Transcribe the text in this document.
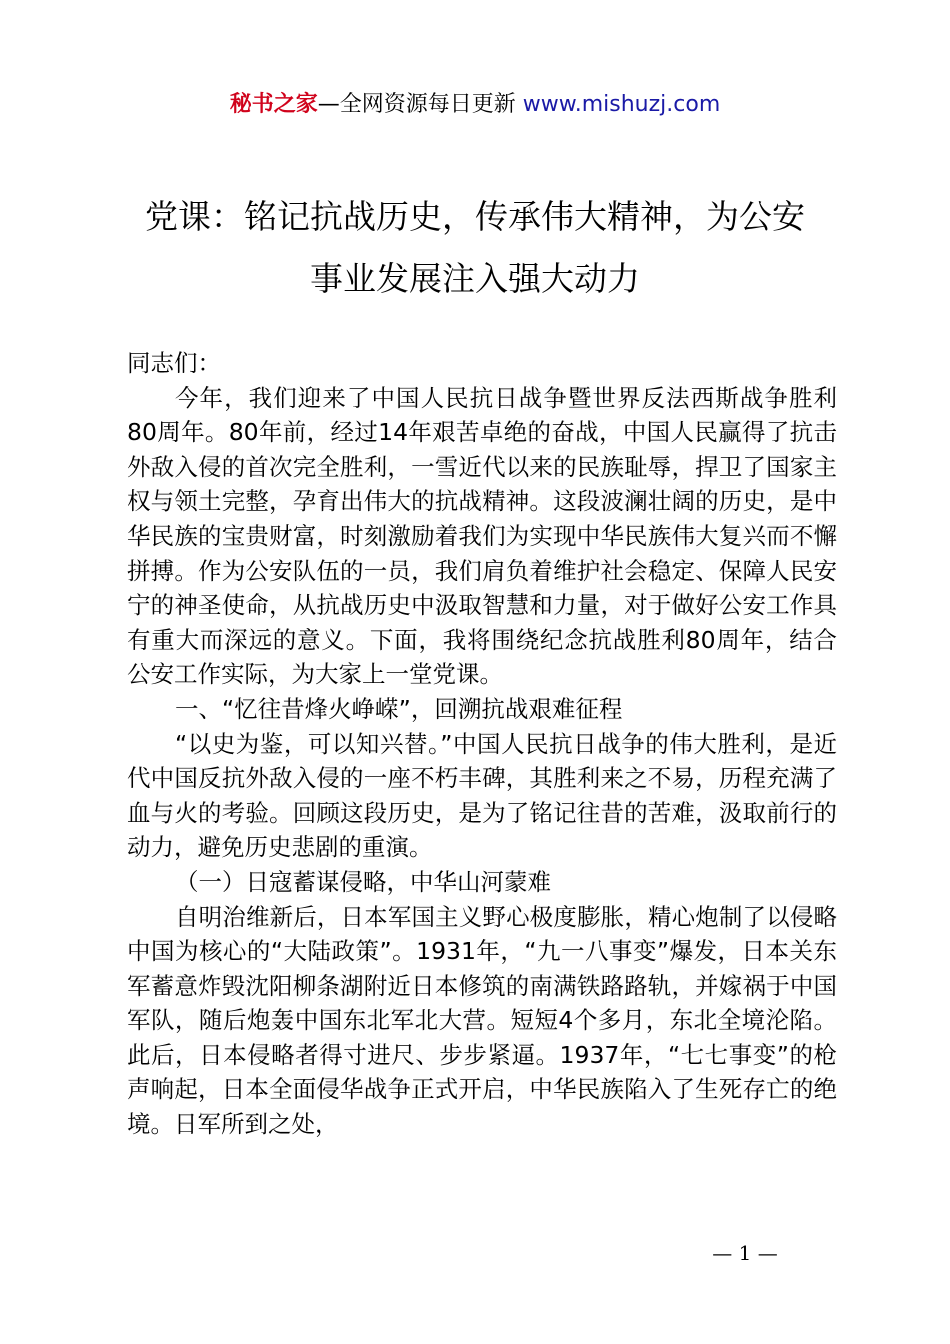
秘书之家—全网资源每日更新 www.mishuzj.com
党课：铭记抗战历史，传承伟大精神，为公安
事业发展注入强大动力

同志们：

今年，我们迎来了中国人民抗日战争暨世界反法西斯战争胜利80周年。80年前，经过14年艰苦卓绝的奋战，中国人民赢得了抗击外敌入侵的首次完全胜利，一雪近代以来的民族耻辱，捍卫了国家主权与领土完整，孕育出伟大的抗战精神。这段波澜壮阔的历史，是中华民族的宝贵财富，时刻激励着我们为实现中华民族伟大复兴而不懈拼搏。作为公安队伍的一员，我们肩负着维护社会稳定、保障人民安宁的神圣使命，从抗战历史中汲取智慧和力量，对于做好公安工作具有重大而深远的意义。下面，我将围绕纪念抗战胜利80周年，结合公安工作实际，为大家上一堂党课。

一、“忆往昔烽火峥嵘”，回溯抗战艰难征程

“以史为鉴，可以知兴替。”中国人民抗日战争的伟大胜利，是近代中国反抗外敌入侵的一座不朽丰碑，其胜利来之不易，历程充满了血与火的考验。回顾这段历史，是为了铭记往昔的苦难，汲取前行的动力，避免历史悲剧的重演。

（一）日寇蓄谋侵略，中华山河蒙难

自明治维新后，日本军国主义野心极度膨胀，精心炮制了以侵略中国为核心的“大陆政策”。1931年，“九一八事变”爆发，日本关东军蓄意炸毁沈阳柳条湖附近日本修筑的南满铁路路轨，并嫁祸于中国军队，随后炮轰中国东北军北大营。短短4个多月，东北全境沦陷。此后，日本侵略者得寸进尺、步步紧逼。1937年，“七七事变”的枪声响起，日本全面侵华战争正式开启，中华民族陷入了生死存亡的绝境。日军所到之处，

— 1 —
